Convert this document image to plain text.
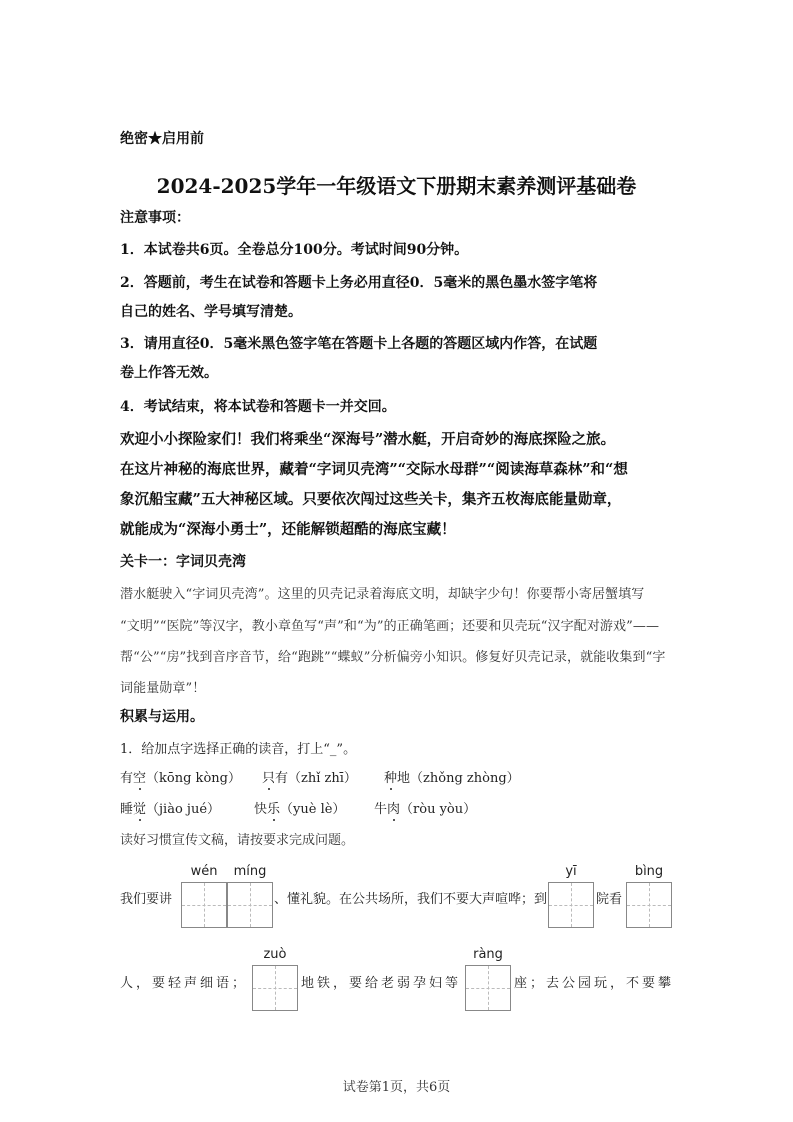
绝密★启用前
2024-2025学年一年级语文下册期末素养测评基础卷
注意事项：
1．本试卷共6页。全卷总分100分。考试时间90分钟。
2．答题前，考生在试卷和答题卡上务必用直径0．5毫米的黑色墨水签字笔将
自己的姓名、学号填写清楚。
3．请用直径0．5毫米黑色签字笔在答题卡上各题的答题区域内作答，在试题
卷上作答无效。
4．考试结束，将本试卷和答题卡一并交回。
欢迎小小探险家们！我们将乘坐“深海号”潜水艇，开启奇妙的海底探险之旅。
在这片神秘的海底世界，藏着“字词贝壳湾”“交际水母群”“阅读海草森林”和“想
象沉船宝藏”五大神秘区域。只要依次闯过这些关卡，集齐五枚海底能量勋章，
就能成为“深海小勇士”，还能解锁超酷的海底宝藏！
关卡一：字词贝壳湾
潜水艇驶入“字词贝壳湾”。这里的贝壳记录着海底文明，却缺字少句！你要帮小寄居蟹填写
“文明”“医院”等汉字，教小章鱼写“声”和“为”的正确笔画；还要和贝壳玩“汉字配对游戏”——
帮“公”“房”找到音序音节，给“跑跳”“蝶蚁”分析偏旁小知识。修复好贝壳记录，就能收集到“字
词能量勋章”！
积累与运用。
1．给加点字选择正确的读音，打上“_”。
有空（kōng kòng） 只有（zhǐ zhī） 种地（zhǒng zhòng）
睡觉（jiào jué）	快乐（yuè lè） 牛肉（ròu yòu）
读好习惯宣传文稿，请按要求完成问题。
我们要讲
wén	míng
、懂礼貌。在公共场所，我们不要大声喧哗；到
yī
院看
bìng
人，要轻声细语；
zuò
地铁，要给老弱孕妇等
ràng
座；去公园玩，不要攀
试卷第1页，共6页
